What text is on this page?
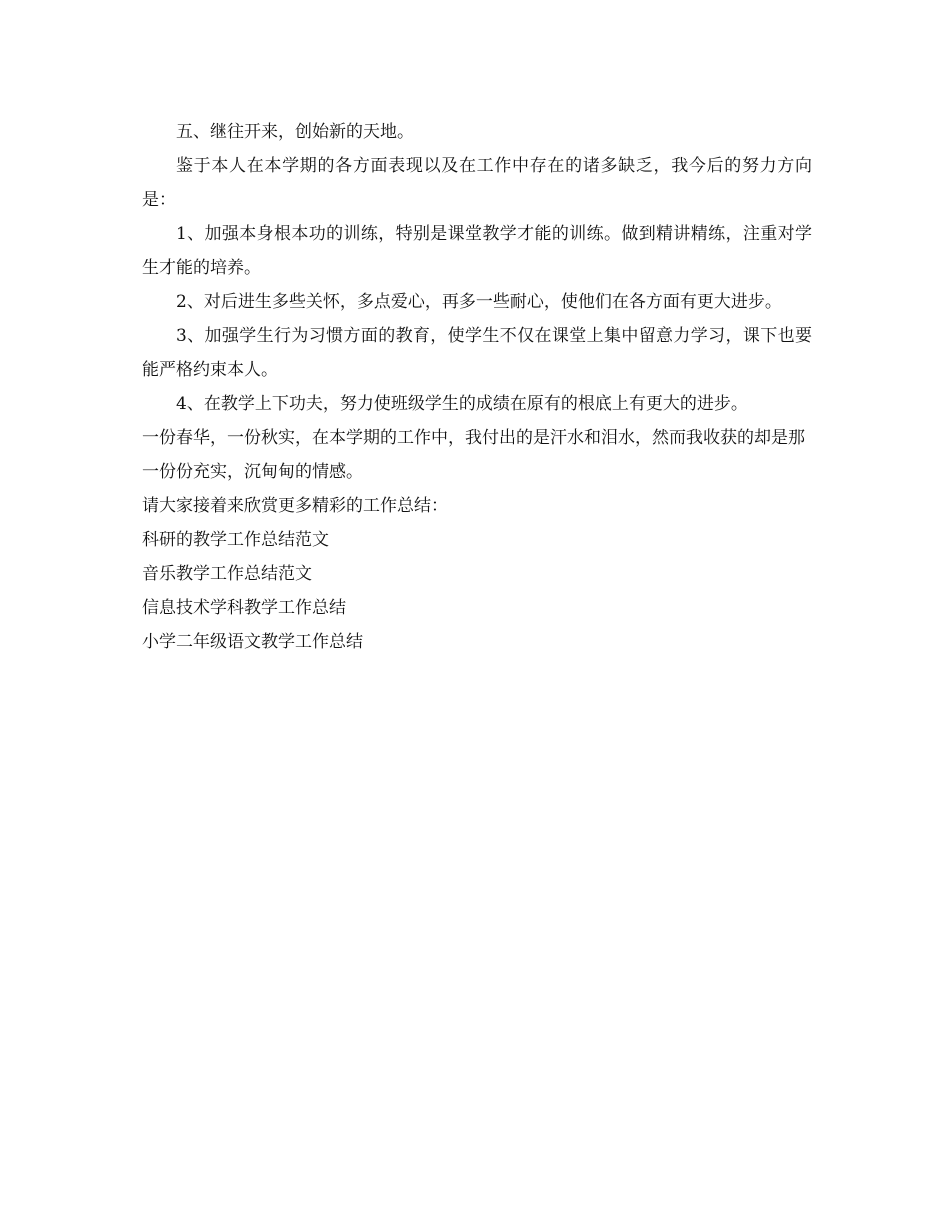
五、继往开来，创始新的天地。

鉴于本人在本学期的各方面表现以及在工作中存在的诸多缺乏，我今后的努力方向是：

1、加强本身根本功的训练，特别是课堂教学才能的训练。做到精讲精练，注重对学生才能的培养。

2、对后进生多些关怀，多点爱心，再多一些耐心，使他们在各方面有更大进步。

3、加强学生行为习惯方面的教育，使学生不仅在课堂上集中留意力学习，课下也要能严格约束本人。

4、在教学上下功夫，努力使班级学生的成绩在原有的根底上有更大的进步。

一份春华，一份秋实，在本学期的工作中，我付出的是汗水和泪水，然而我收获的却是那一份份充实，沉甸甸的情感。

请大家接着来欣赏更多精彩的工作总结：

科研的教学工作总结范文

音乐教学工作总结范文

信息技术学科教学工作总结

小学二年级语文教学工作总结
